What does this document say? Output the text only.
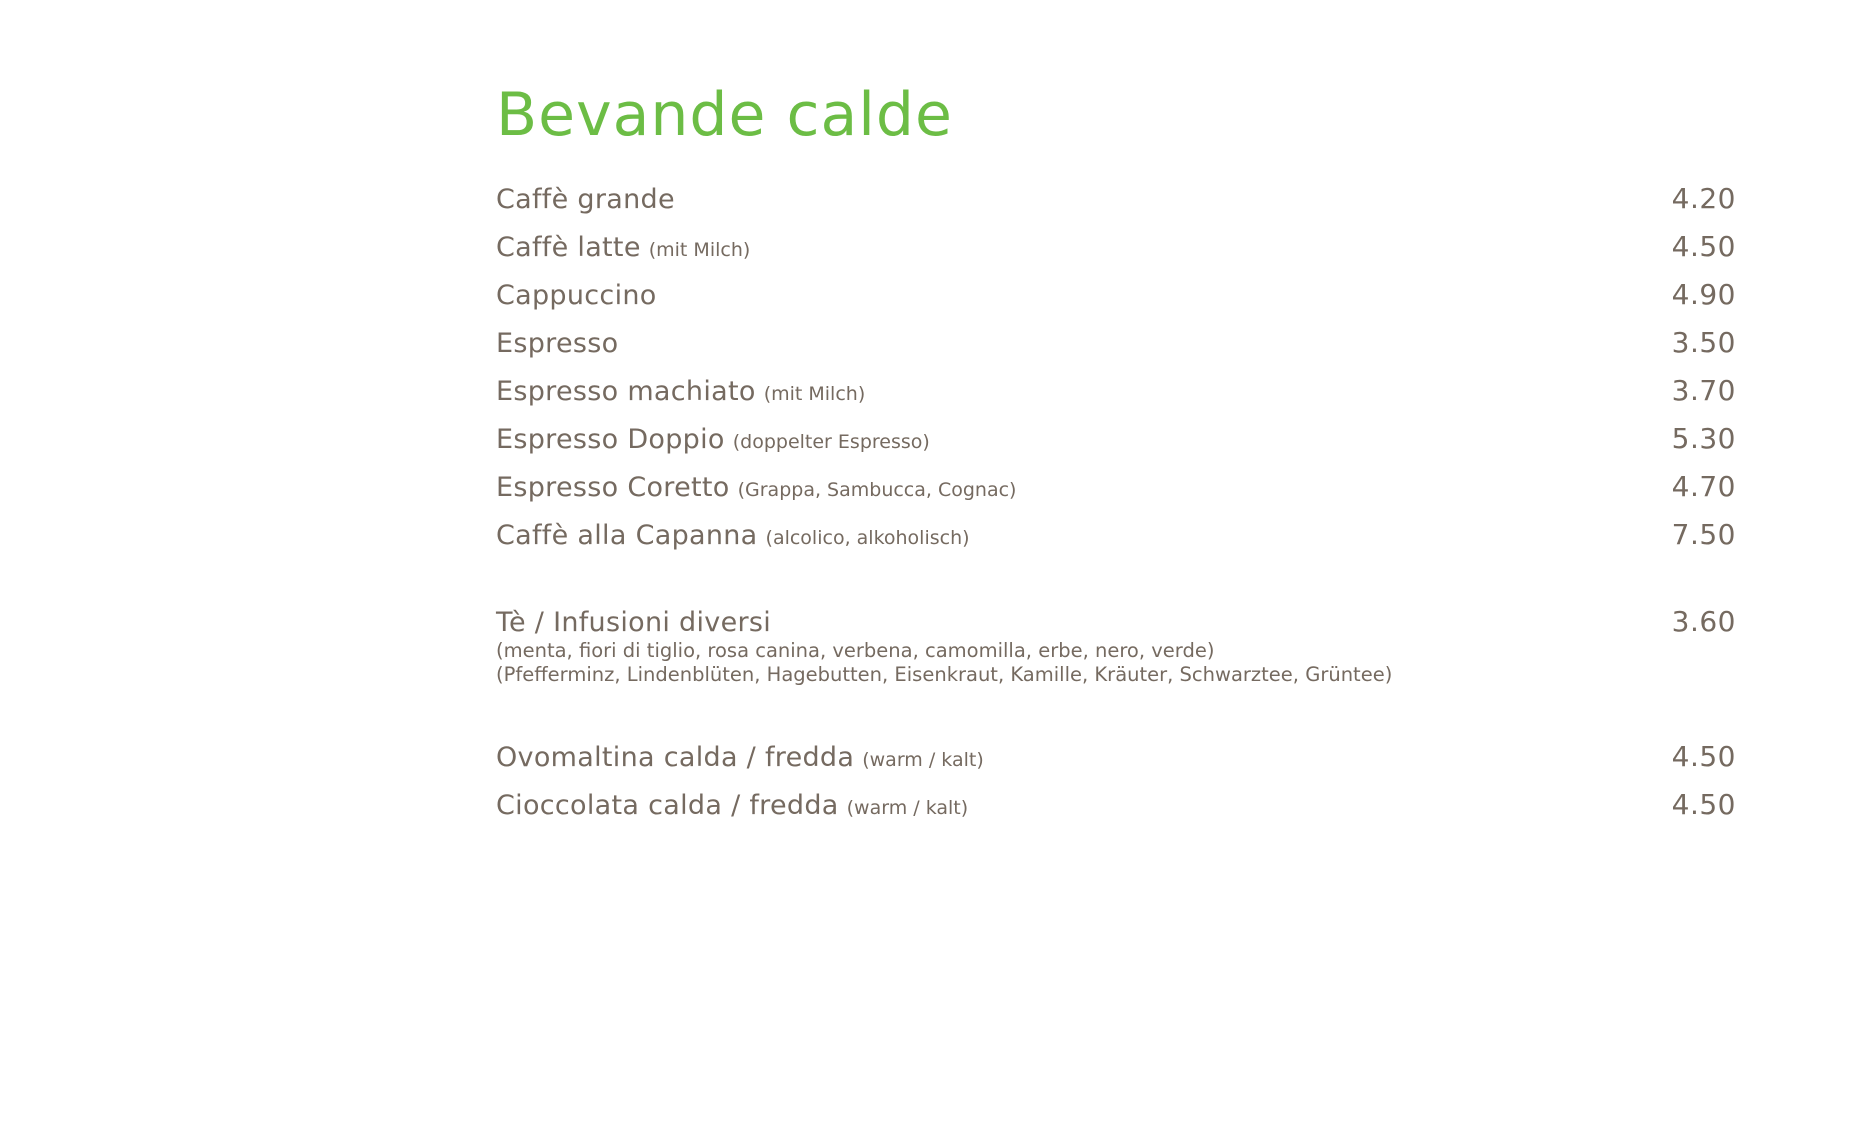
Bevande calde
Caffè grande	4.20
Caffè latte (mit Milch)	4.50
Cappuccino	4.90
Espresso	3.50
Espresso machiato (mit Milch)	3.70
Espresso Doppio (doppelter Espresso)	5.30
Espresso Coretto (Grappa, Sambucca, Cognac)	4.70
Caffè alla Capanna (alcolico, alkoholisch)	7.50
Tè / Infusioni diversi	3.60
(menta, fiori di tiglio, rosa canina, verbena, camomilla, erbe, nero, verde)
(Pfefferminz, Lindenblüten, Hagebutten, Eisenkraut, Kamille, Kräuter, Schwarztee, Grüntee)
Ovomaltina calda / fredda (warm / kalt)	4.50
Cioccolata calda / fredda (warm / kalt)	4.50
